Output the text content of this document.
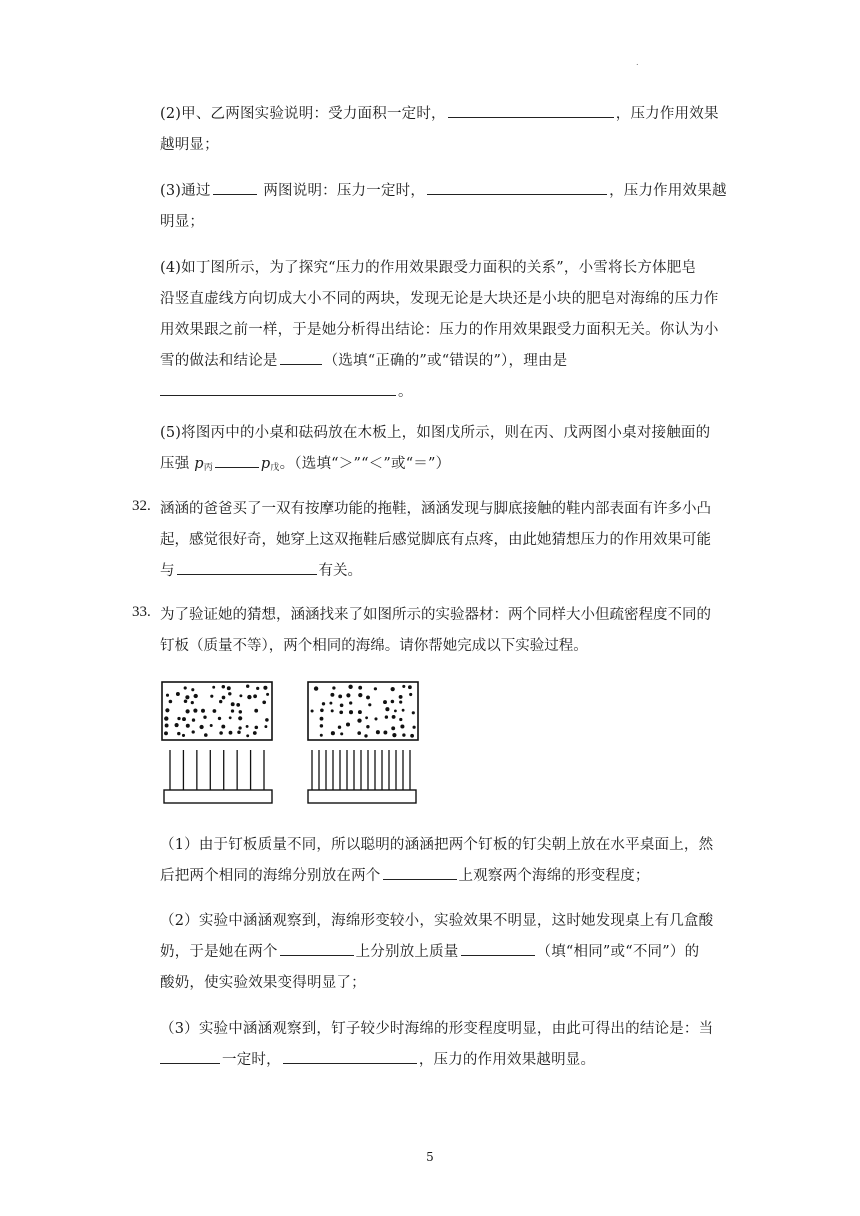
.
(2)甲、乙两图实验说明：受力面积一定时，	，压力作用效果
越明显；
(3)通过	两图说明：压力一定时，	，压力作用效果越
明显；
(4)如丁图所示，为了探究“压力的作用效果跟受力面积的关系”，小雪将长方体肥皂
沿竖直虚线方向切成大小不同的两块，发现无论是大块还是小块的肥皂对海绵的压力作
用效果跟之前一样，于是她分析得出结论：压力的作用效果跟受力面积无关。你认为小
雪的做法和结论是	（选填“正确的”或“错误的”），理由是
。
(5)将图丙中的小桌和砝码放在木板上，如图戊所示，则在丙、戊两图小桌对接触面的
压强 $p_丙$	$p_戊$。（选填“＞”“＜”或“＝”）
32. 涵涵的爸爸买了一双有按摩功能的拖鞋，涵涵发现与脚底接触的鞋内部表面有许多小凸
起，感觉很好奇，她穿上这双拖鞋后感觉脚底有点疼，由此她猜想压力的作用效果可能
与	有关。
33. 为了验证她的猜想，涵涵找来了如图所示的实验器材：两个同样大小但疏密程度不同的
钉板（质量不等），两个相同的海绵。请你帮她完成以下实验过程。
（1）由于钉板质量不同，所以聪明的涵涵把两个钉板的钉尖朝上放在水平桌面上，然
后把两个相同的海绵分别放在两个	上观察两个海绵的形变程度；
（2）实验中涵涵观察到，海绵形变较小，实验效果不明显，这时她发现桌上有几盒酸
奶，于是她在两个	上分别放上质量	（填“相同”或“不同”）的
酸奶，使实验效果变得明显了；
（3）实验中涵涵观察到，钉子较少时海绵的形变程度明显，由此可得出的结论是：当
一定时，	，压力的作用效果越明显。
5
